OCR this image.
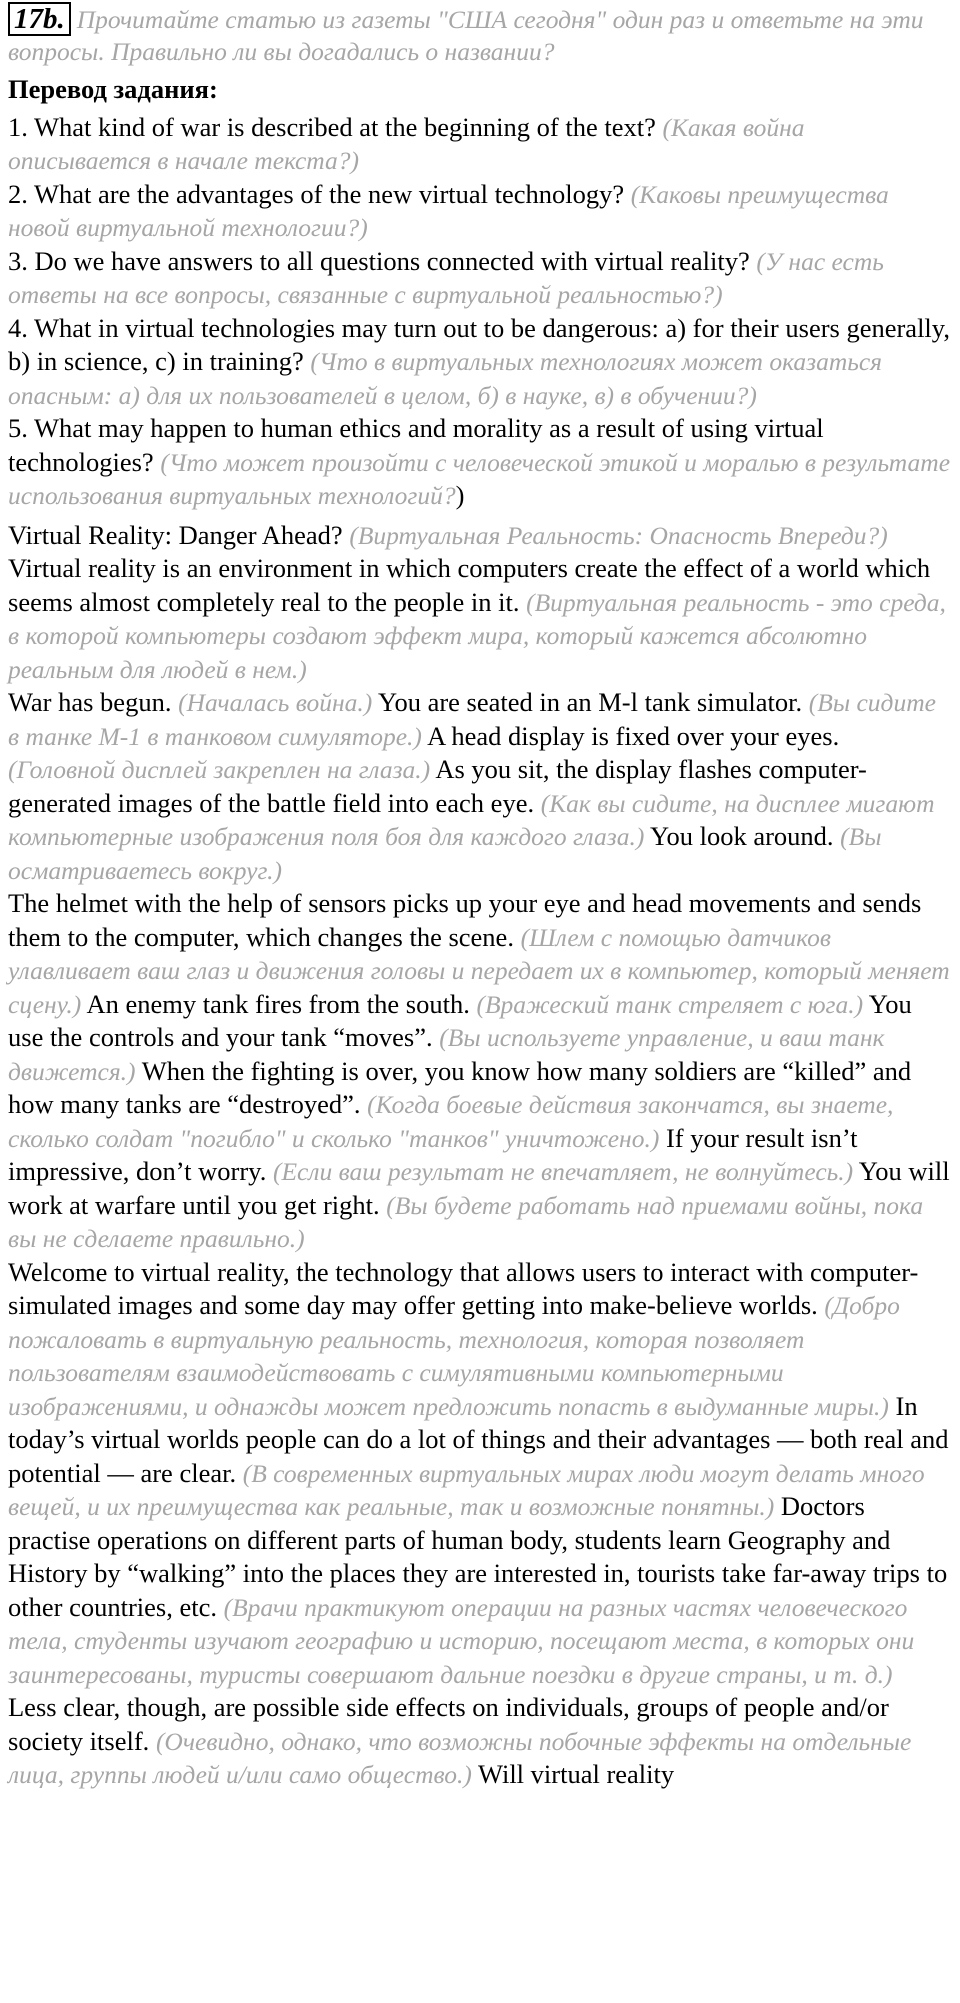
17b. Прочитайте статью из газеты "США сегодня" один раз и ответьте на эти вопросы. Правильно ли вы догадались о названии?
Перевод задания:

1. What kind of war is described at the beginning of the text? (Какая война описывается в начале текста?)

2. What are the advantages of the new virtual technology? (Каковы преимущества новой виртуальной технологии?)

3. Do we have answers to all questions connected with virtual reality? (У нас есть ответы на все вопросы, связанные с виртуальной реальностью?)

4. What in virtual technologies may turn out to be dangerous: a) for their users generally, b) in science, c) in training? (Что в виртуальных технологиях может оказаться опасным: а) для их пользователей в целом, б) в науке, в) в обучении?)

5. What may happen to human ethics and morality as a result of using virtual technologies? (Что может произойти с человеческой этикой и моралью в результате использования виртуальных технологий?)

Virtual Reality: Danger Ahead? (Виртуальная Реальность: Опасность Впереди?)

Virtual reality is an environment in which computers create the effect of a world which seems almost completely real to the people in it. (Виртуальная реальность - это среда, в которой компьютеры создают эффект мира, который кажется абсолютно реальным для людей в нем.)

War has begun. (Началась война.) You are seated in an M-l tank simulator. (Вы сидите в танке М-1 в танковом симуляторе.) A head display is fixed over your eyes. (Головной дисплей закреплен на глаза.) As you sit, the display flashes computer-generated images of the battle field into each eye. (Как вы сидите, на дисплее мигают компьютерные изображения поля боя для каждого глаза.) You look around. (Вы осматриваетесь вокруг.)

The helmet with the help of sensors picks up your eye and head movements and sends them to the computer, which changes the scene. (Шлем с помощью датчиков улавливает ваш глаз и движения головы и передает их в компьютер, который меняет сцену.) An enemy tank fires from the south. (Вражеский танк стреляет с юга.) You use the controls and your tank “moves”. (Вы используете управление, и ваш танк движется.) When the fighting is over, you know how many soldiers are “killed” and how many tanks are “destroyed”. (Когда боевые действия закончатся, вы знаете, сколько солдат "погибло" и сколько "танков" уничтожено.) If your result isn’t impressive, don’t worry. (Если ваш результат не впечатляет, не волнуйтесь.) You will work at warfare until you get right. (Вы будете работать над приемами войны, пока вы не сделаете правильно.)

Welcome to virtual reality, the technology that allows users to interact with computer-simulated images and some day may offer getting into make-believe worlds. (Добро пожаловать в виртуальную реальность, технология, которая позволяет пользователям взаимодействовать с симулятивными компьютерными изображениями, и однажды может предложить попасть в выдуманные миры.) In today’s virtual worlds people can do a lot of things and their advantages — both real and potential — are clear. (В современных виртуальных мирах люди могут делать много вещей, и их преимущества как реальные, так и возможные понятны.) Doctors practise operations on different parts of human body, students learn Geography and History by “walking” into the places they are interested in, tourists take far-away trips to other countries, etc. (Врачи практикуют операции на разных частях человеческого тела, студенты изучают географию и историю, посещают места, в которых они заинтересованы, туристы совершают дальние поездки в другие страны, и т. д.)

Less clear, though, are possible side effects on individuals, groups of people and/or society itself. (Очевидно, однако, что возможны побочные эффекты на отдельные лица, группы людей и/или само общество.) Will virtual reality
